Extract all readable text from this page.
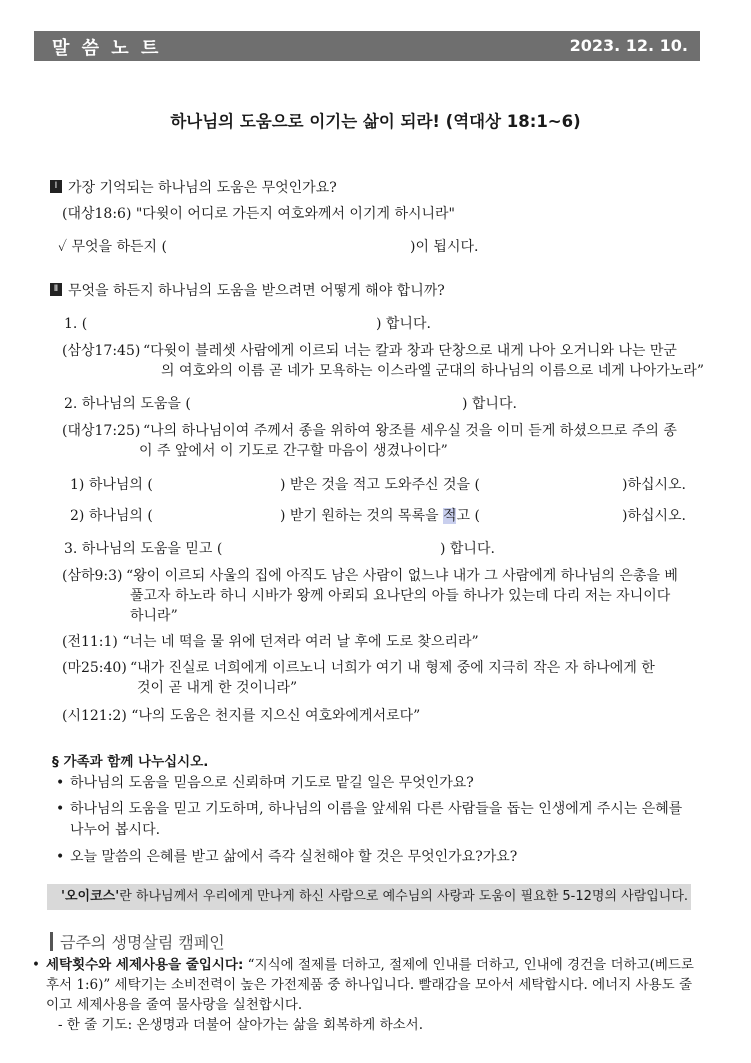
말 씀 노 트	2023. 12. 10.
하나님의 도움으로 이기는 삶이 되라! (역대상 18:1~6)
Ⅰ 가장 기억되는 하나님의 도움은 무엇인가요?
(대상18:6) "다윗이 어디로 가든지 여호와께서 이기게 하시니라"
✓ 무엇을 하든지 (	)이 됩시다.
Ⅱ 무엇을 하든지 하나님의 도움을 받으려면 어떻게 해야 합니까?
1. (	) 합니다.
(삼상17:45) “다윗이 블레셋 사람에게 이르되 너는 칼과 창과 단창으로 내게 나아 오거니와 나는 만군
의 여호와의 이름 곧 네가 모욕하는 이스라엘 군대의 하나님의 이름으로 네게 나아가노라”
2. 하나님의 도움을 (	) 합니다.
(대상17:25) “나의 하나님이여 주께서 종을 위하여 왕조를 세우실 것을 이미 듣게 하셨으므로 주의 종
이 주 앞에서 이 기도로 간구할 마음이 생겼나이다”
1) 하나님의 (	) 받은 것을 적고 도와주신 것을 (	)하십시오.
2) 하나님의 (	) 받기 원하는 것의 목록을 적고 (	)하십시오.
3. 하나님의 도움을 믿고 (	) 합니다.
(삼하9:3) “왕이 이르되 사울의 집에 아직도 남은 사람이 없느냐 내가 그 사람에게 하나님의 은총을 베
풀고자 하노라 하니 시바가 왕께 아뢰되 요나단의 아들 하나가 있는데 다리 저는 자니이다
하니라”
(전11:1) “너는 네 떡을 물 위에 던져라 여러 날 후에 도로 찾으리라”
(마25:40) “내가 진실로 너희에게 이르노니 너희가 여기 내 형제 중에 지극히 작은 자 하나에게 한
것이 곧 내게 한 것이니라”
(시121:2) “나의 도움은 천지를 지으신 여호와에게서로다”
§ 가족과 함께 나누십시오.
• 하나님의 도움을 믿음으로 신뢰하며 기도로 맡길 일은 무엇인가요?
• 하나님의 도움을 믿고 기도하며, 하나님의 이름을 앞세워 다른 사람들을 돕는 인생에게 주시는 은혜를 나누어 봅시다.
• 오늘 말씀의 은혜를 받고 삶에서 즉각 실천해야 할 것은 무엇인가요?가요?
'오이코스'란 하나님께서 우리에게 만나게 하신 사람으로 예수님의 사랑과 도움이 필요한 5-12명의 사람입니다.
금주의 생명살림 캠페인
• 세탁횟수와 세제사용을 줄입시다: “지식에 절제를 더하고, 절제에 인내를 더하고, 인내에 경건을 더하고(베드로후서 1:6)” 세탁기는 소비전력이 높은 가전제품 중 하나입니다. 빨래감을 모아서 세탁합시다. 에너지 사용도 줄이고 세제사용을 줄여 물사랑을 실천합시다.
- 한 줄 기도: 온생명과 더불어 살아가는 삶을 회복하게 하소서.
